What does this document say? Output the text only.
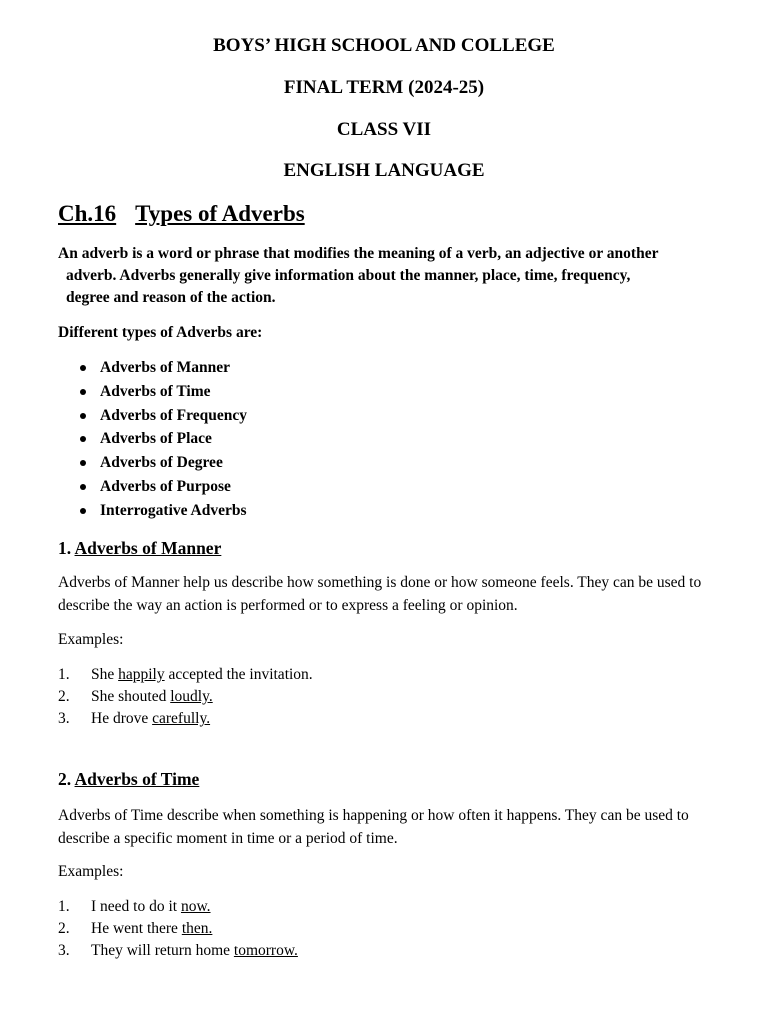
BOYS’ HIGH SCHOOL AND COLLEGE
FINAL TERM (2024-25)
CLASS VII
ENGLISH LANGUAGE
Ch.16 Types of Adverbs

An adverb is a word or phrase that modifies the meaning of a verb, an adjective or another
adverb. Adverbs generally give information about the manner, place, time, frequency,
degree and reason of the action.

Different types of Adverbs are:

Adverbs of Manner
Adverbs of Time
Adverbs of Frequency
Adverbs of Place
Adverbs of Degree
Adverbs of Purpose
Interrogative Adverbs
1. Adverbs of Manner

Adverbs of Manner help us describe how something is done or how someone feels. They can be used to describe the way an action is performed or to express a feeling or opinion.

Examples:

1. She happily accepted the invitation.
2. She shouted loudly.
3. He drove carefully.
2. Adverbs of Time

Adverbs of Time describe when something is happening or how often it happens. They can be used to describe a specific moment in time or a period of time.

Examples:

1. I need to do it now.
2. He went there then.
3. They will return home tomorrow.
